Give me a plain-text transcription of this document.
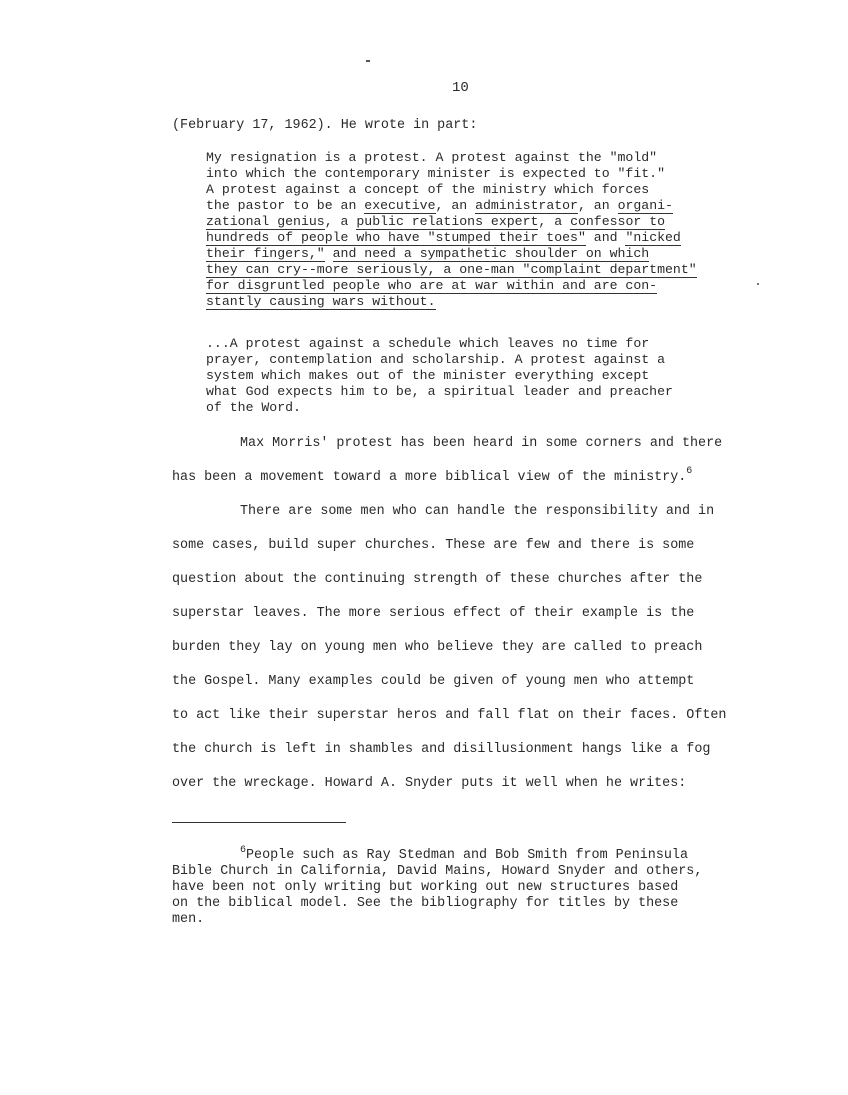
10
(February 17, 1962). He wrote in part:
My resignation is a protest. A protest against the "mold"
into which the contemporary minister is expected to "fit."
A protest against a concept of the ministry which forces
the pastor to be an executive, an administrator, an organi-
zational genius, a public relations expert, a confessor to
hundreds of people who have "stumped their toes" and "nicked
their fingers," and need a sympathetic shoulder on which
they can cry--more seriously, a one-man "complaint department"
for disgruntled people who are at war within and are con-
stantly causing wars without.
...A protest against a schedule which leaves no time for
prayer, contemplation and scholarship. A protest against a
system which makes out of the minister everything except
what God expects him to be, a spiritual leader and preacher
of the Word.
Max Morris' protest has been heard in some corners and there
has been a movement toward a more biblical view of the ministry.$^6$
There are some men who can handle the responsibility and in
some cases, build super churches. These are few and there is some
question about the continuing strength of these churches after the
superstar leaves. The more serious effect of their example is the
burden they lay on young men who believe they are called to preach
the Gospel. Many examples could be given of young men who attempt
to act like their superstar heros and fall flat on their faces. Often
the church is left in shambles and disillusionment hangs like a fog
over the wreckage. Howard A. Snyder puts it well when he writes:
$^6$People such as Ray Stedman and Bob Smith from Peninsula
Bible Church in California, David Mains, Howard Snyder and others,
have been not only writing but working out new structures based
on the biblical model. See the bibliography for titles by these
men.
